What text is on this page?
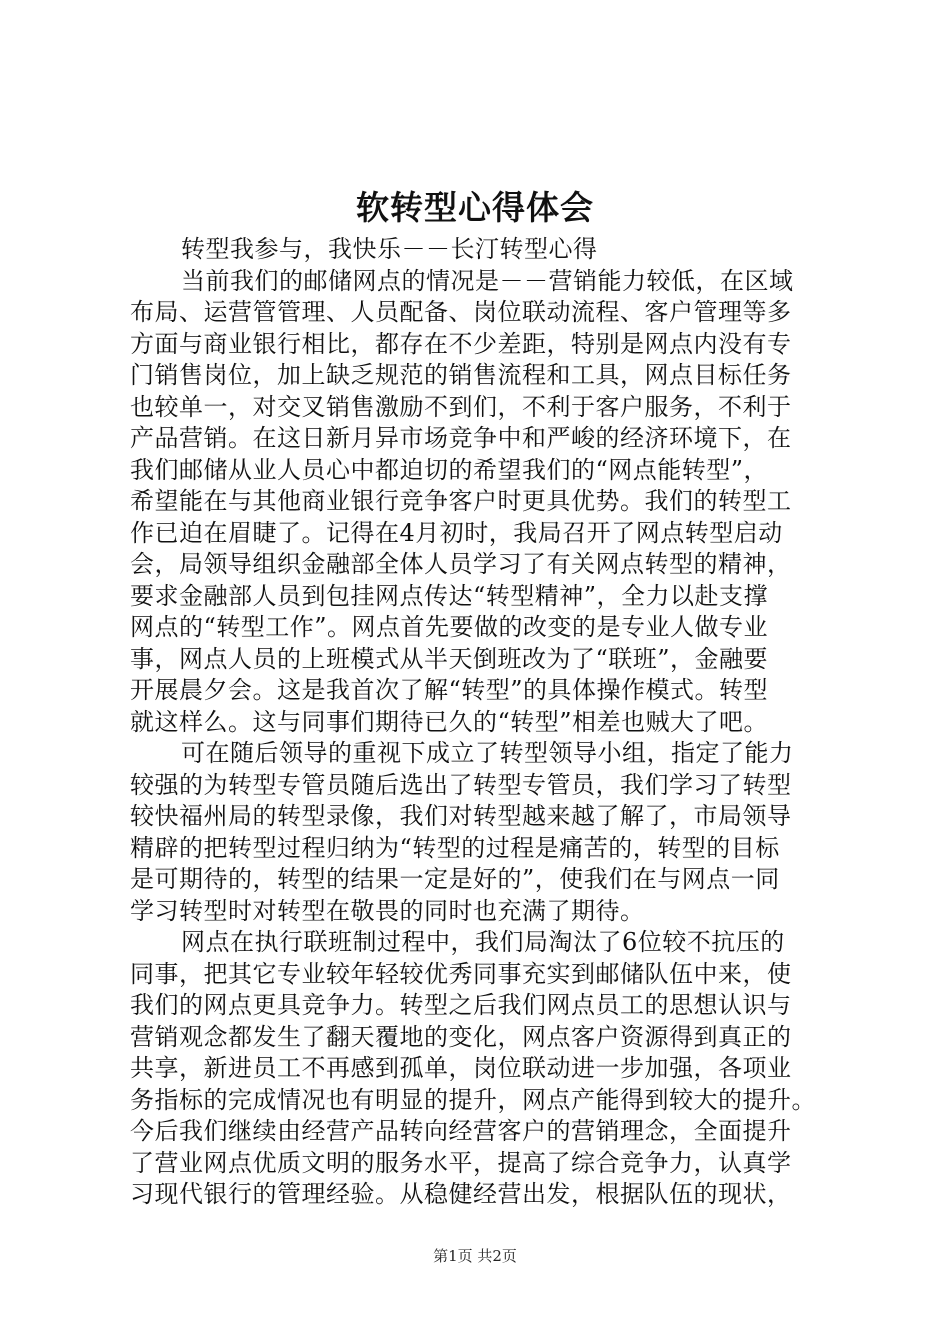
软转型心得体会
转型我参与，我快乐－－长汀转型心得
当前我们的邮储网点的情况是－－营销能力较低，在区域
布局、运营管管理、人员配备、岗位联动流程、客户管理等多
方面与商业银行相比，都存在不少差距，特别是网点内没有专
门销售岗位，加上缺乏规范的销售流程和工具，网点目标任务
也较单一，对交叉销售激励不到们，不利于客户服务，不利于
产品营销。在这日新月异市场竞争中和严峻的经济环境下，在
我们邮储从业人员心中都迫切的希望我们的“网点能转型”，
希望能在与其他商业银行竞争客户时更具优势。我们的转型工
作已迫在眉睫了。记得在4月初时，我局召开了网点转型启动
会，局领导组织金融部全体人员学习了有关网点转型的精神，
要求金融部人员到包挂网点传达“转型精神”，全力以赴支撑
网点的“转型工作”。网点首先要做的改变的是专业人做专业
事，网点人员的上班模式从半天倒班改为了“联班”，金融要
开展晨夕会。这是我首次了解“转型”的具体操作模式。转型
就这样么。这与同事们期待已久的“转型”相差也贼大了吧。
可在随后领导的重视下成立了转型领导小组，指定了能力
较强的为转型专管员随后选出了转型专管员，我们学习了转型
较快福州局的转型录像，我们对转型越来越了解了，市局领导
精辟的把转型过程归纳为“转型的过程是痛苦的，转型的目标
是可期待的，转型的结果一定是好的”，使我们在与网点一同
学习转型时对转型在敬畏的同时也充满了期待。
网点在执行联班制过程中，我们局淘汰了6位较不抗压的
同事，把其它专业较年轻较优秀同事充实到邮储队伍中来，使
我们的网点更具竞争力。转型之后我们网点员工的思想认识与
营销观念都发生了翻天覆地的变化，网点客户资源得到真正的
共享，新进员工不再感到孤单，岗位联动进一步加强，各项业
务指标的完成情况也有明显的提升，网点产能得到较大的提升。
今后我们继续由经营产品转向经营客户的营销理念，全面提升
了营业网点优质文明的服务水平，提高了综合竞争力，认真学
习现代银行的管理经验。从稳健经营出发，根据队伍的现状，
第1页 共2页
